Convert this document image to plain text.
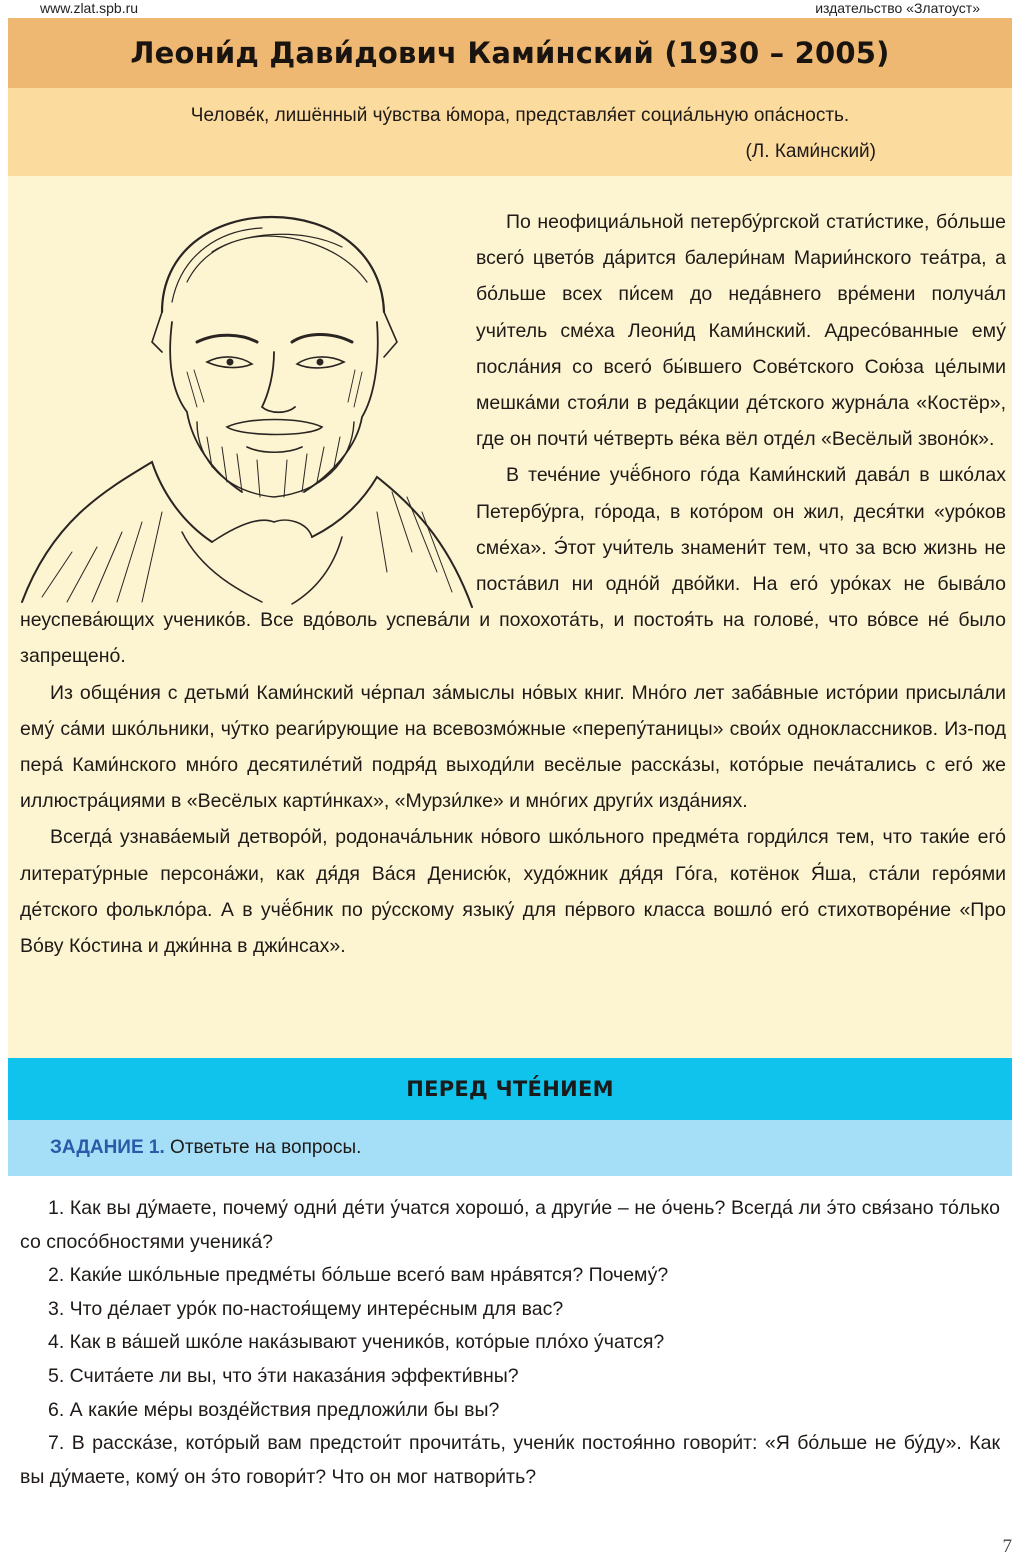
www.zlat.spb.ru	издательство «Златоуст»
Леони́д Дави́дович Ками́нский (1930 – 2005)
Челове́к, лишённый чу́вства ю́мора, представля́ет социа́льную опа́сность.
(Л. Ками́нский)

По неофициа́льной петербу́ргской стати́стике, бо́льше всего́ цвето́в да́рится балери́нам Марии́нского теа́тра, а бо́льше всех пи́сем до неда́внего вре́мени получа́л учи́тель сме́ха Леони́д Ками́нский. Адресо́ванные ему́ посла́ния со всего́ бы́вшего Сове́тского Сою́за це́лыми мешка́ми стоя́ли в реда́кции де́тского журна́ла «Костёр», где он почти́ че́тверть ве́ка вёл отде́л «Весёлый звоно́к».

В тече́ние учё́бного го́да Ками́нский дава́л в шко́лах Петербу́рга, го́рода, в кото́ром он жил, деся́тки «уро́ков сме́ха». Э́тот учи́тель знамени́т тем, что за всю жизнь не поста́вил ни одно́й дво́йки. На его́ уро́ках не быва́ло неуспева́ющих ученико́в. Все вдо́воль успева́ли и похохота́ть, и постоя́ть на голове́, что во́все не́ было запрещено́.

Из обще́ния с детьми́ Ками́нский че́рпал за́мыслы но́вых книг. Мно́го лет заба́вные исто́рии присыла́ли ему́ са́ми шко́льники, чу́тко реаги́рующие на всевозмо́жные «перепу́таницы» свои́х одноклассников. Из-под пера́ Ками́нского мно́го десятиле́тий подря́д выходи́ли весёлые расска́зы, кото́рые печа́тались с его́ же иллюстра́циями в «Весёлых карти́нках», «Мурзи́лке» и мно́гих други́х изда́ниях.

Всегда́ узнава́емый детворо́й, родонача́льник но́вого шко́льного предме́та горди́лся тем, что таки́е его́ литерату́рные персона́жи, как дя́дя Ва́ся Денисю́к, худо́жник дя́дя Го́га, котёнок Я́ша, ста́ли геро́ями де́тского фолькло́ра. А в учё́бник по ру́сскому языку́ для пе́рвого класса вошло́ его́ стихотворе́ние «Про Во́ву Ко́стина и джи́нна в джи́нсах».

ПЕРЕД ЧТЕ́НИЕМ
ЗАДАНИЕ 1. Ответьте на вопросы.

1. Как вы ду́маете, почему́ одни́ де́ти у́чатся хорошо́, а други́е – не о́чень? Всегда́ ли э́то свя́зано то́лько со спосо́бностями ученика́?

2. Каки́е шко́льные предме́ты бо́льше всего́ вам нра́вятся? Почему́?

3. Что де́лает уро́к по-настоя́щему интере́сным для вас?

4. Как в ва́шей шко́ле нака́зывают ученико́в, кото́рые пло́хо у́чатся?

5. Счита́ете ли вы, что э́ти наказа́ния эффекти́вны?

6. А каки́е ме́ры возде́йствия предложи́ли бы вы?

7. В расска́зе, кото́рый вам предстои́т прочита́ть, учени́к постоя́нно говори́т: «Я бо́льше не бу́ду». Как вы ду́маете, кому́ он э́то говори́т? Что он мог натвори́ть?

7
